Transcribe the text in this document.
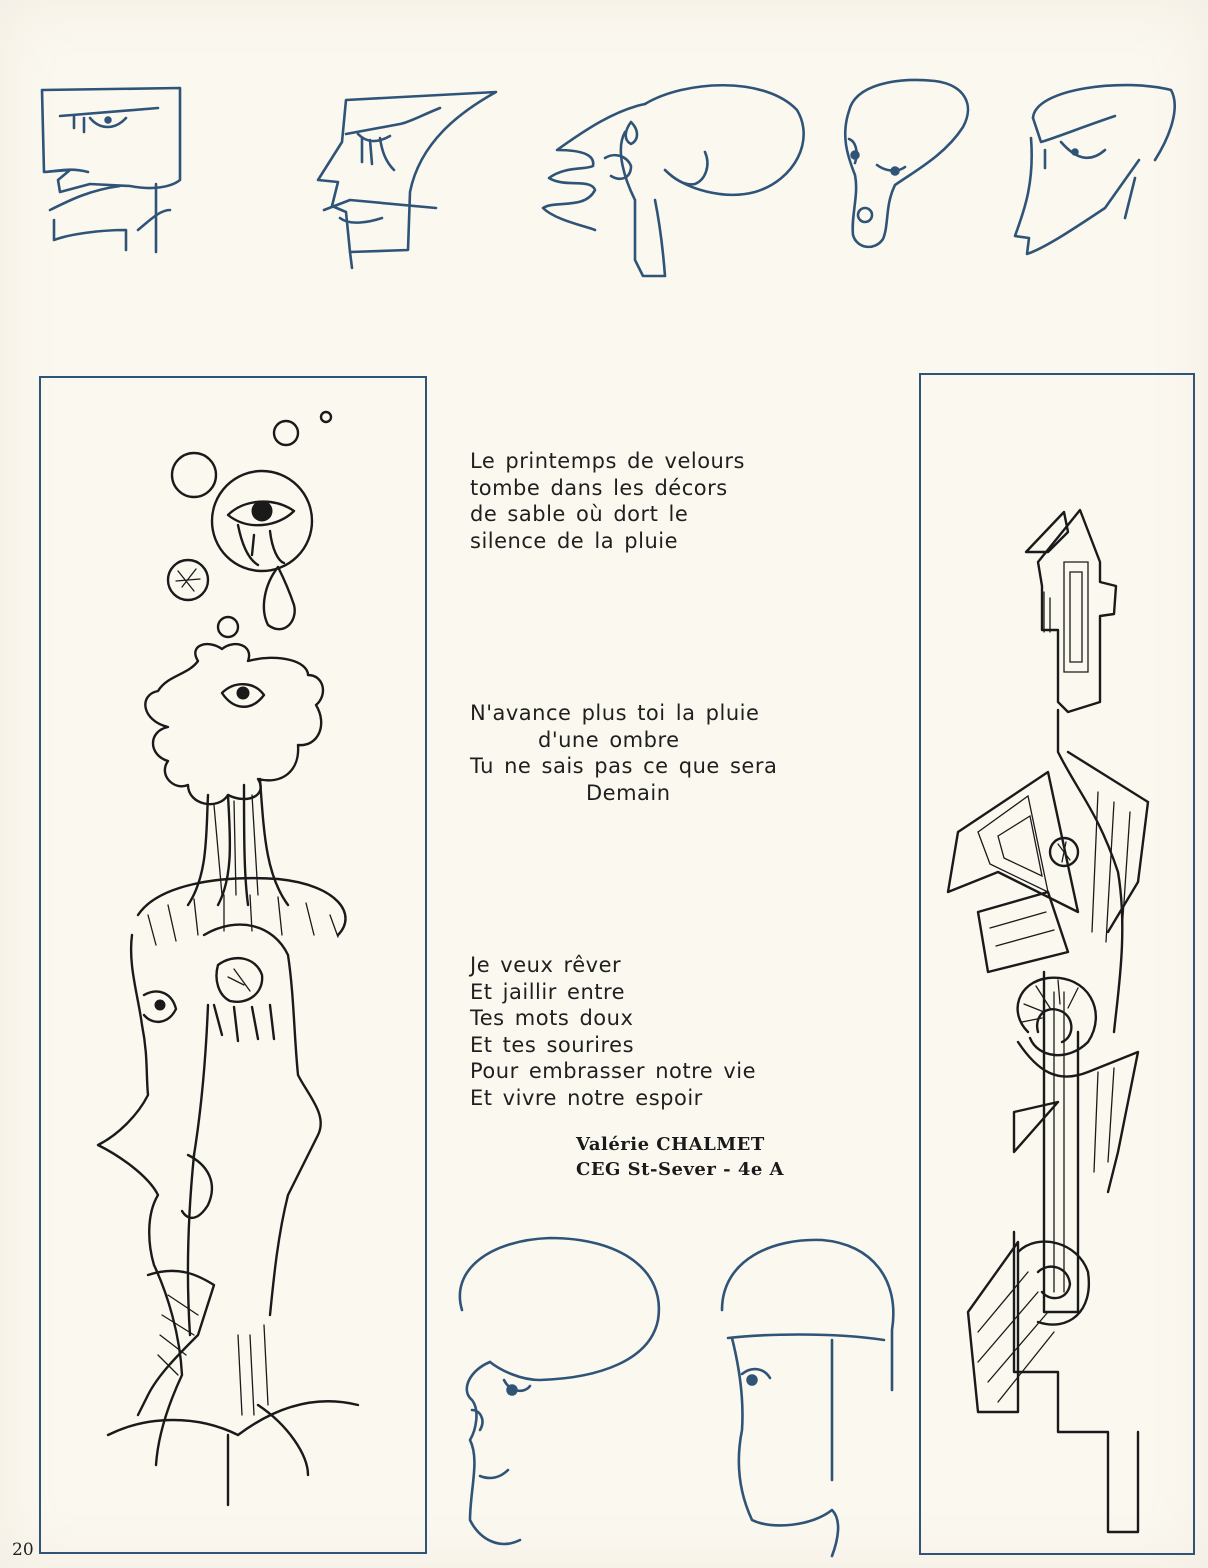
Le printemps de velours
tombe dans les décors
de sable où dort le
silence de la pluie
N'avance plus toi la pluie
d'une ombre
Tu ne sais pas ce que sera
Demain
Je veux rêver
Et jaillir entre
Tes mots doux
Et tes sourires
Pour embrasser notre vie
Et vivre notre espoir
Valérie CHALMET
CEG St-Sever - 4e A
20
